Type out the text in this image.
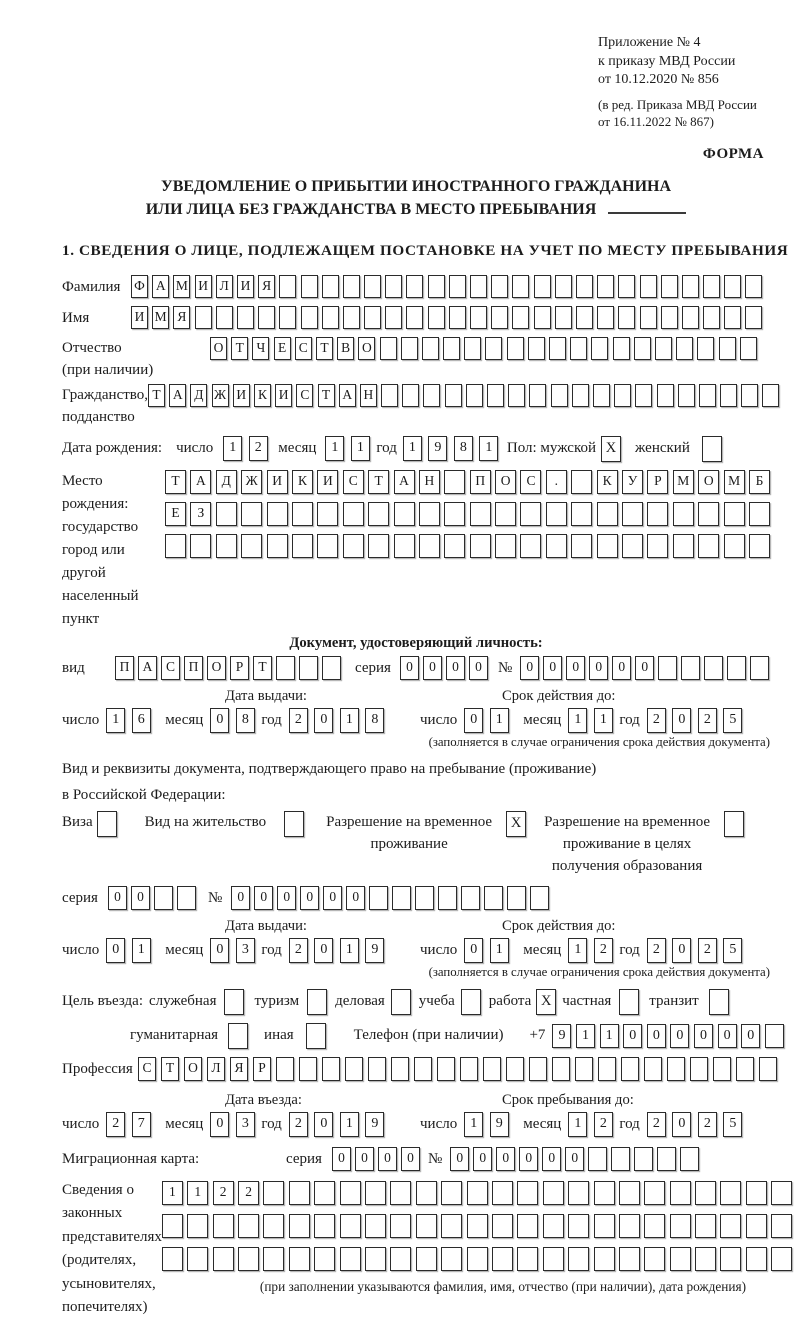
Приложение № 4
к приказу МВД России
от 10.12.2020 № 856
(в ред. Приказа МВД России
от 16.11.2022 № 867)
ФОРМА
УВЕДОМЛЕНИЕ О ПРИБЫТИИ ИНОСТРАННОГО ГРАЖДАНИНА
ИЛИ ЛИЦА БЕЗ ГРАЖДАНСТВА В МЕСТО ПРЕБЫВАНИЯ
1. СВЕДЕНИЯ О ЛИЦЕ, ПОДЛЕЖАЩЕМ ПОСТАНОВКЕ НА УЧЕТ ПО МЕСТУ ПРЕБЫВАНИЯ
Фамилия	Ф А М И Л И Я
Имя	И М Я
Отчество
(при наличии)
О Т Ч Е С Т В О
Гражданство,
подданство
Т А Д Ж И К И С Т А Н
Дата рождения: число	1	2	месяц	1	1 год 1	9	8	1 Пол: мужской X	женский
Место рождения:
государство
город или другой
населенный пункт
Т	А	Д	Ж	И	К	И	С	Т	А	Н	П	О	С	.	К	У	Р	М	О	М	Б
Е	З
Документ, удостоверяющий личность:
вид	П А	С	П О	Р	Т	серия	0	0	0	0	№	0	0	0	0	0	0
Дата выдачи:	Срок действия до:
число 1	6	месяц 0	8 год 2	0	1	8	число 0	1	месяц 1	1 год 2	0	2	5
(заполняется в случае ограничения срока действия документа)
Вид и реквизиты документа, подтверждающего право на пребывание (проживание)
в Российской Федерации:
Виза	Вид на жительство	Разрешение на временное
проживание
X	Разрешение на временное
проживание в целях
получения образования
серия	0	0	№	0	0	0	0	0	0
Дата выдачи:	Срок действия до:
число 0	1	месяц 0	3 год 2	0	1	9	число 0	1	месяц 1	2 год 2	0	2	5
(заполняется в случае ограничения срока действия документа)
Цель въезда: служебная	туризм деловая учеба работа X частная	транзит
гуманитарная	иная	Телефон (при наличии) +7 9	1	1	0	0	0	0	0	0
Профессия С	Т	О	Л	Я	Р
Дата въезда:	Срок пребывания до:
число 2	7	месяц 0	3 год 2	0	1	9	число 1	9	месяц 1	2 год 2	0	2	5
Миграционная карта:	серия	0	0	0	0 №	0	0	0	0	0	0
Сведения о
законных
представителях
(родителях,
усыновителях,
попечителях)
1	1	2	2
(при заполнении указываются фамилия, имя, отчество (при наличии), дата рождения)
